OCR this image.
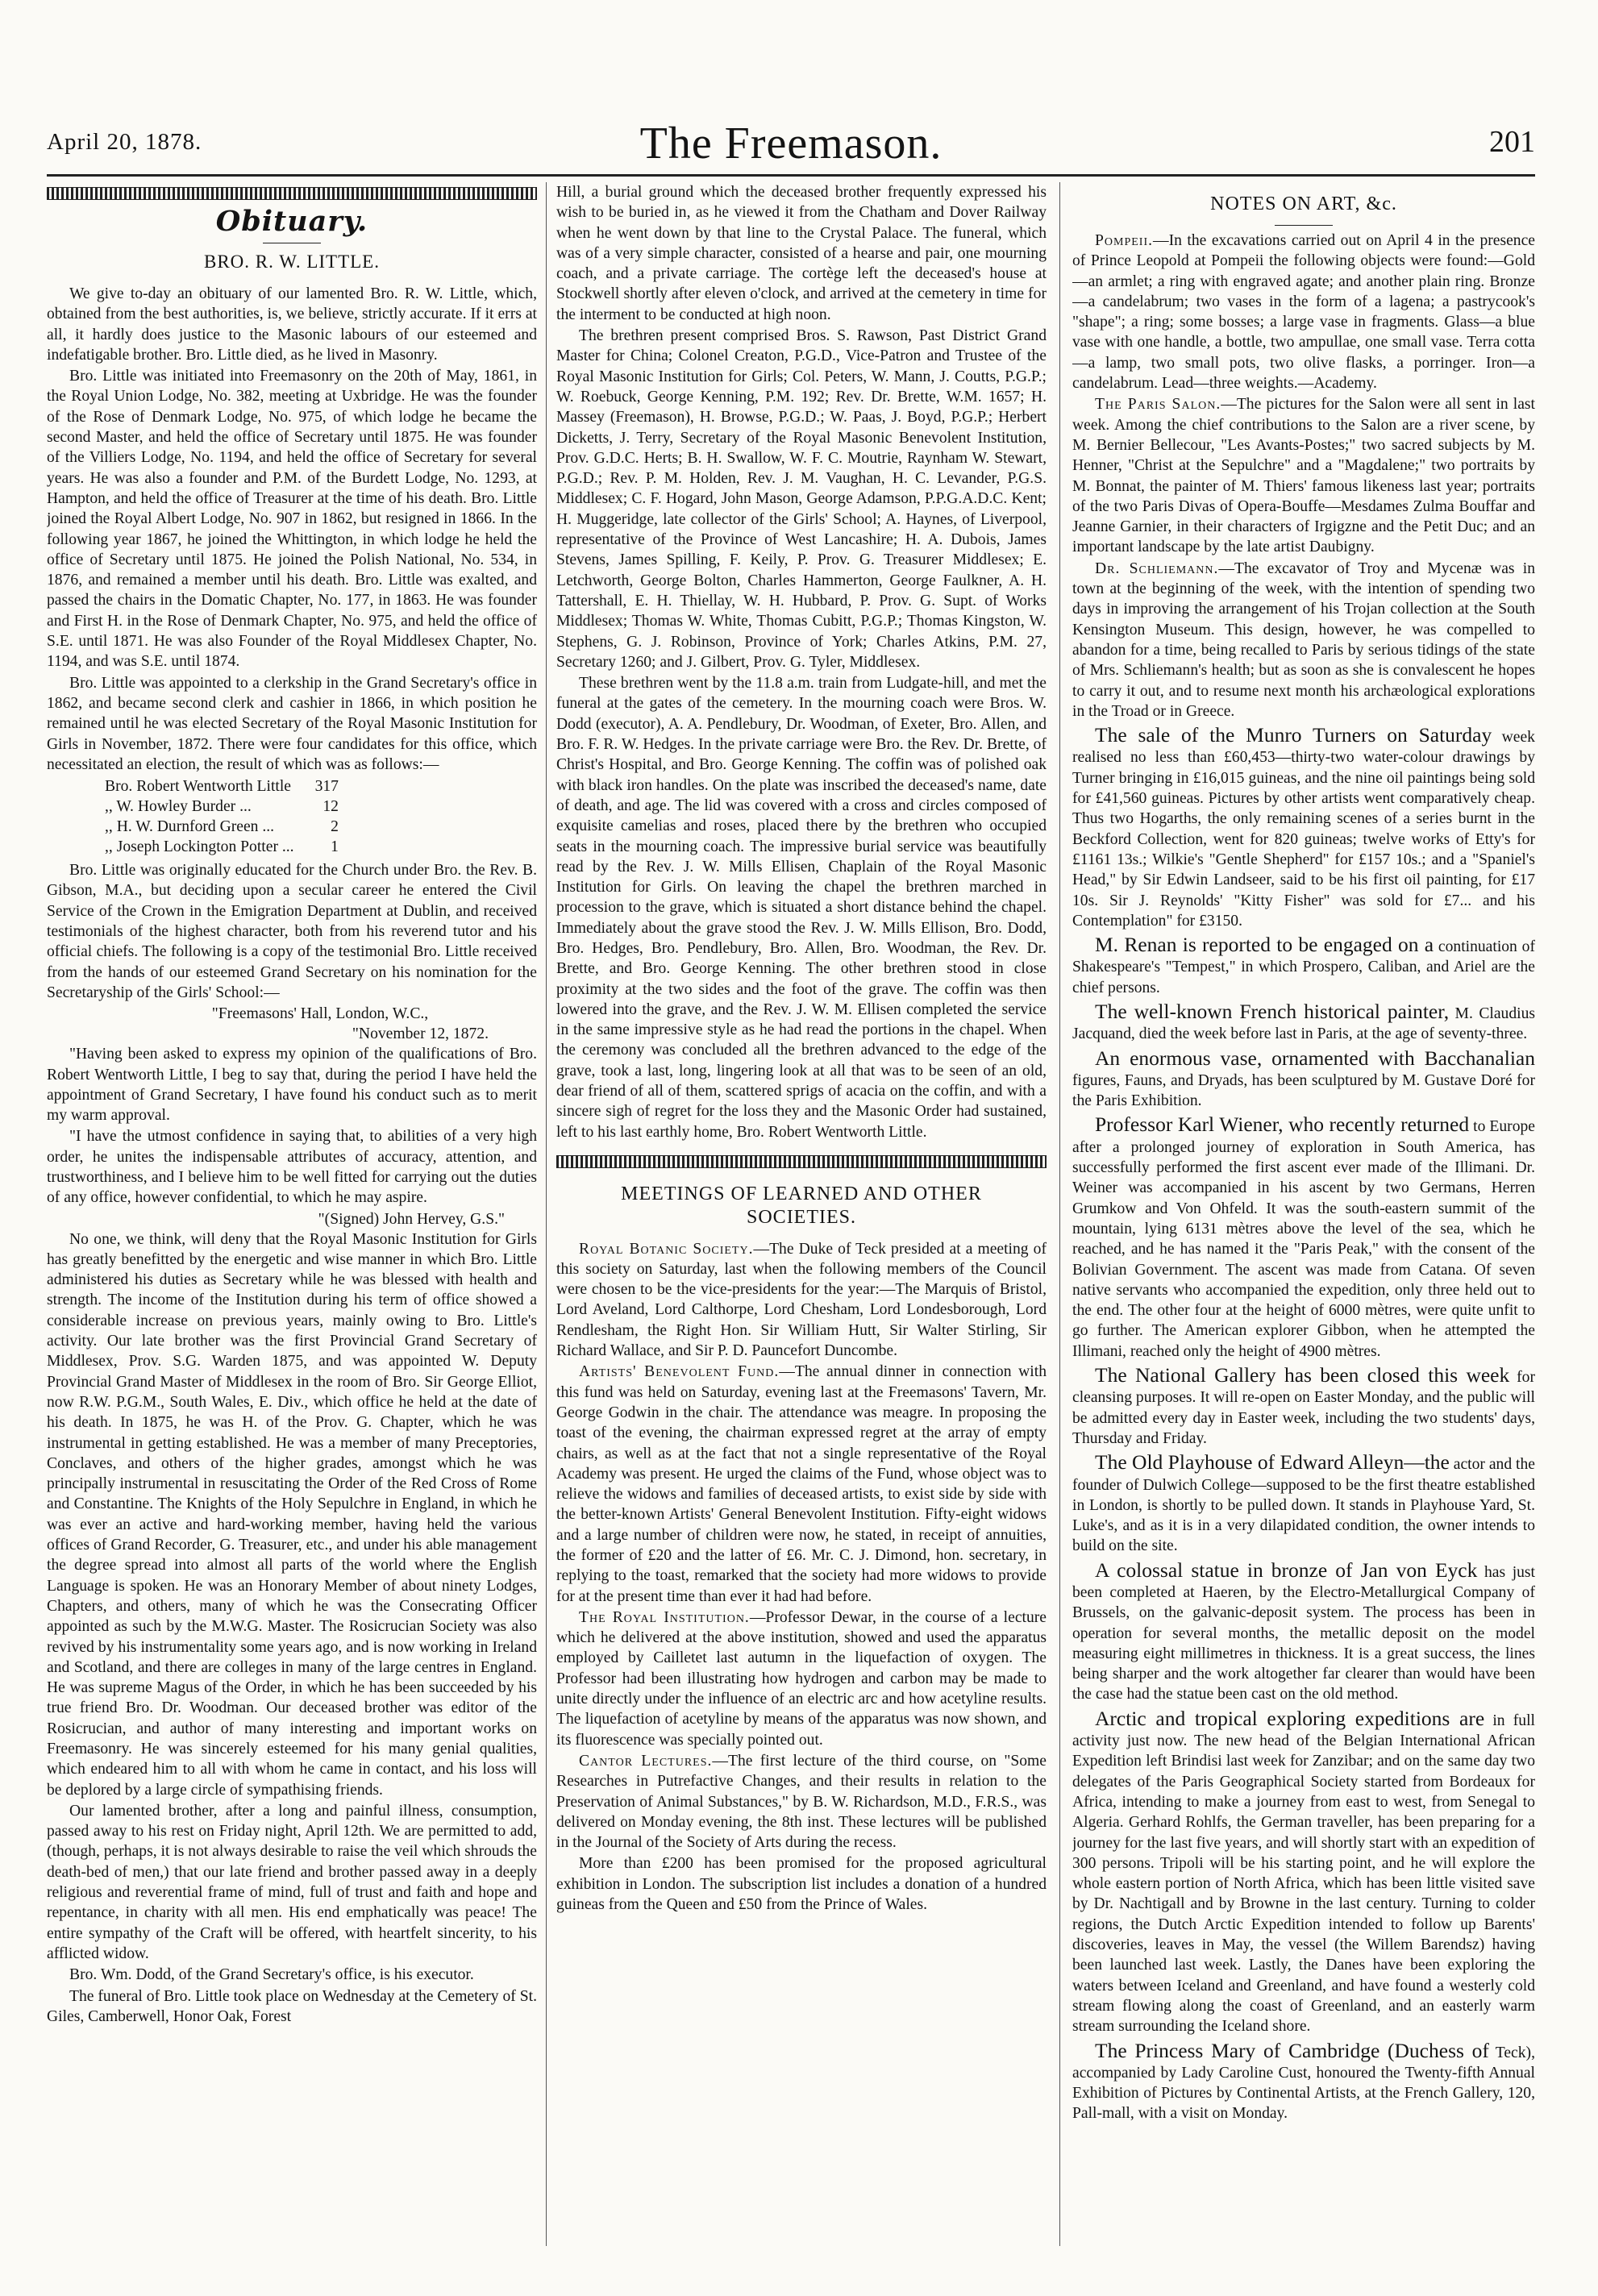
April 20, 1878.	The Freemason.	201
Obituary.
BRO. R. W. LITTLE.

We give to-day an obituary of our lamented Bro. R. W. Little, which, obtained from the best authorities, is, we believe, strictly accurate. If it errs at all, it hardly does justice to the Masonic labours of our esteemed and indefatigable brother. Bro. Little died, as he lived in Masonry.

Bro. Little was initiated into Freemasonry on the 20th of May, 1861, in the Royal Union Lodge, No. 382, meeting at Uxbridge. He was the founder of the Rose of Denmark Lodge, No. 975, of which lodge he became the second Master, and held the office of Secretary until 1875. He was founder of the Villiers Lodge, No. 1194, and held the office of Secretary for several years. He was also a founder and P.M. of the Burdett Lodge, No. 1293, at Hampton, and held the office of Treasurer at the time of his death. Bro. Little joined the Royal Albert Lodge, No. 907 in 1862, but resigned in 1866. In the following year 1867, he joined the Whittington, in which lodge he held the office of Secretary until 1875. He joined the Polish National, No. 534, in 1876, and remained a member until his death. Bro. Little was exalted, and passed the chairs in the Domatic Chapter, No. 177, in 1863. He was founder and First H. in the Rose of Denmark Chapter, No. 975, and held the office of S.E. until 1871. He was also Founder of the Royal Middlesex Chapter, No. 1194, and was S.E. until 1874.

Bro. Little was appointed to a clerkship in the Grand Secretary's office in 1862, and became second clerk and cashier in 1866, in which position he remained until he was elected Secretary of the Royal Masonic Institution for Girls in November, 1872. There were four candidates for this office, which necessitated an election, the result of which was as follows:—

Bro. Robert Wentworth Little	317
,, W. Howley Burder ...	12
,, H. W. Durnford Green ...	2
,, Joseph Lockington Potter ...	1

Bro. Little was originally educated for the Church under Bro. the Rev. B. Gibson, M.A., but deciding upon a secular career he entered the Civil Service of the Crown in the Emigration Department at Dublin, and received testimonials of the highest character, both from his reverend tutor and his official chiefs. The following is a copy of the testimonial Bro. Little received from the hands of our esteemed Grand Secretary on his nomination for the Secretaryship of the Girls' School:—

"Freemasons' Hall, London, W.C.,
"November 12, 1872.

"Having been asked to express my opinion of the qualifications of Bro. Robert Wentworth Little, I beg to say that, during the period I have held the appointment of Grand Secretary, I have found his conduct such as to merit my warm approval.

"I have the utmost confidence in saying that, to abilities of a very high order, he unites the indispensable attributes of accuracy, attention, and trustworthiness, and I believe him to be well fitted for carrying out the duties of any office, however confidential, to which he may aspire.

"(Signed) John Hervey, G.S."

No one, we think, will deny that the Royal Masonic Institution for Girls has greatly benefitted by the energetic and wise manner in which Bro. Little administered his duties as Secretary while he was blessed with health and strength. The income of the Institution during his term of office showed a considerable increase on previous years, mainly owing to Bro. Little's activity. Our late brother was the first Provincial Grand Secretary of Middlesex, Prov. S.G. Warden 1875, and was appointed W. Deputy Provincial Grand Master of Middlesex in the room of Bro. Sir George Elliot, now R.W. P.G.M., South Wales, E. Div., which office he held at the date of his death. In 1875, he was H. of the Prov. G. Chapter, which he was instrumental in getting established. He was a member of many Preceptories, Conclaves, and others of the higher grades, amongst which he was principally instrumental in resuscitating the Order of the Red Cross of Rome and Constantine. The Knights of the Holy Sepulchre in England, in which he was ever an active and hard-working member, having held the various offices of Grand Recorder, G. Treasurer, etc., and under his able management the degree spread into almost all parts of the world where the English Language is spoken. He was an Honorary Member of about ninety Lodges, Chapters, and others, many of which he was the Consecrating Officer appointed as such by the M.W.G. Master. The Rosicrucian Society was also revived by his instrumentality some years ago, and is now working in Ireland and Scotland, and there are colleges in many of the large centres in England. He was supreme Magus of the Order, in which he has been succeeded by his true friend Bro. Dr. Woodman. Our deceased brother was editor of the Rosicrucian, and author of many interesting and important works on Freemasonry. He was sincerely esteemed for his many genial qualities, which endeared him to all with whom he came in contact, and his loss will be deplored by a large circle of sympathising friends.

Our lamented brother, after a long and painful illness, consumption, passed away to his rest on Friday night, April 12th. We are permitted to add, (though, perhaps, it is not always desirable to raise the veil which shrouds the death-bed of men,) that our late friend and brother passed away in a deeply religious and reverential frame of mind, full of trust and faith and hope and repentance, in charity with all men. His end emphatically was peace! The entire sympathy of the Craft will be offered, with heartfelt sincerity, to his afflicted widow.

Bro. Wm. Dodd, of the Grand Secretary's office, is his executor.

The funeral of Bro. Little took place on Wednesday at the Cemetery of St. Giles, Camberwell, Honor Oak, Forest

Hill, a burial ground which the deceased brother frequently expressed his wish to be buried in, as he viewed it from the Chatham and Dover Railway when he went down by that line to the Crystal Palace. The funeral, which was of a very simple character, consisted of a hearse and pair, one mourning coach, and a private carriage. The cortège left the deceased's house at Stockwell shortly after eleven o'clock, and arrived at the cemetery in time for the interment to be conducted at high noon.

The brethren present comprised Bros. S. Rawson, Past District Grand Master for China; Colonel Creaton, P.G.D., Vice-Patron and Trustee of the Royal Masonic Institution for Girls; Col. Peters, W. Mann, J. Coutts, P.G.P.; W. Roebuck, George Kenning, P.M. 192; Rev. Dr. Brette, W.M. 1657; H. Massey (Freemason), H. Browse, P.G.D.; W. Paas, J. Boyd, P.G.P.; Herbert Dicketts, J. Terry, Secretary of the Royal Masonic Benevolent Institution, Prov. G.D.C. Herts; B. H. Swallow, W. F. C. Moutrie, Raynham W. Stewart, P.G.D.; Rev. P. M. Holden, Rev. J. M. Vaughan, H. C. Levander, P.G.S. Middlesex; C. F. Hogard, John Mason, George Adamson, P.P.G.A.D.C. Kent; H. Muggeridge, late collector of the Girls' School; A. Haynes, of Liverpool, representative of the Province of West Lancashire; H. A. Dubois, James Stevens, James Spilling, F. Keily, P. Prov. G. Treasurer Middlesex; E. Letchworth, George Bolton, Charles Hammerton, George Faulkner, A. H. Tattershall, E. H. Thiellay, W. H. Hubbard, P. Prov. G. Supt. of Works Middlesex; Thomas W. White, Thomas Cubitt, P.G.P.; Thomas Kingston, W. Stephens, G. J. Robinson, Province of York; Charles Atkins, P.M. 27, Secretary 1260; and J. Gilbert, Prov. G. Tyler, Middlesex.

These brethren went by the 11.8 a.m. train from Ludgate-hill, and met the funeral at the gates of the cemetery. In the mourning coach were Bros. W. Dodd (executor), A. A. Pendlebury, Dr. Woodman, of Exeter, Bro. Allen, and Bro. F. R. W. Hedges. In the private carriage were Bro. the Rev. Dr. Brette, of Christ's Hospital, and Bro. George Kenning. The coffin was of polished oak with black iron handles. On the plate was inscribed the deceased's name, date of death, and age. The lid was covered with a cross and circles composed of exquisite camelias and roses, placed there by the brethren who occupied seats in the mourning coach. The impressive burial service was beautifully read by the Rev. J. W. Mills Ellisen, Chaplain of the Royal Masonic Institution for Girls. On leaving the chapel the brethren marched in procession to the grave, which is situated a short distance behind the chapel. Immediately about the grave stood the Rev. J. W. Mills Ellison, Bro. Dodd, Bro. Hedges, Bro. Pendlebury, Bro. Allen, Bro. Woodman, the Rev. Dr. Brette, and Bro. George Kenning. The other brethren stood in close proximity at the two sides and the foot of the grave. The coffin was then lowered into the grave, and the Rev. J. W. M. Ellisen completed the service in the same impressive style as he had read the portions in the chapel. When the ceremony was concluded all the brethren advanced to the edge of the grave, took a last, long, lingering look at all that was to be seen of an old, dear friend of all of them, scattered sprigs of acacia on the coffin, and with a sincere sigh of regret for the loss they and the Masonic Order had sustained, left to his last earthly home, Bro. Robert Wentworth Little.

MEETINGS OF LEARNED AND OTHER SOCIETIES.

Royal Botanic Society.—The Duke of Teck presided at a meeting of this society on Saturday, last when the following members of the Council were chosen to be the vice-presidents for the year:—The Marquis of Bristol, Lord Aveland, Lord Calthorpe, Lord Chesham, Lord Londesborough, Lord Rendlesham, the Right Hon. Sir William Hutt, Sir Walter Stirling, Sir Richard Wallace, and Sir P. D. Pauncefort Duncombe.

Artists' Benevolent Fund.—The annual dinner in connection with this fund was held on Saturday, evening last at the Freemasons' Tavern, Mr. George Godwin in the chair. The attendance was meagre. In proposing the toast of the evening, the chairman expressed regret at the array of empty chairs, as well as at the fact that not a single representative of the Royal Academy was present. He urged the claims of the Fund, whose object was to relieve the widows and families of deceased artists, to exist side by side with the better-known Artists' General Benevolent Institution. Fifty-eight widows and a large number of children were now, he stated, in receipt of annuities, the former of £20 and the latter of £6. Mr. C. J. Dimond, hon. secretary, in replying to the toast, remarked that the society had more widows to provide for at the present time than ever it had had before.

The Royal Institution.—Professor Dewar, in the course of a lecture which he delivered at the above institution, showed and used the apparatus employed by Cailletet last autumn in the liquefaction of oxygen. The Professor had been illustrating how hydrogen and carbon may be made to unite directly under the influence of an electric arc and how acetyline results. The liquefaction of acetyline by means of the apparatus was now shown, and its fluorescence was specially pointed out.

Cantor Lectures.—The first lecture of the third course, on "Some Researches in Putrefactive Changes, and their results in relation to the Preservation of Animal Substances," by B. W. Richardson, M.D., F.R.S., was delivered on Monday evening, the 8th inst. These lectures will be published in the Journal of the Society of Arts during the recess.

More than £200 has been promised for the proposed agricultural exhibition in London. The subscription list includes a donation of a hundred guineas from the Queen and £50 from the Prince of Wales.

NOTES ON ART, &c.

Pompeii.—In the excavations carried out on April 4 in the presence of Prince Leopold at Pompeii the following objects were found:—Gold—an armlet; a ring with engraved agate; and another plain ring. Bronze—a candelabrum; two vases in the form of a lagena; a pastrycook's "shape"; a ring; some bosses; a large vase in fragments. Glass—a blue vase with one handle, a bottle, two ampullae, one small vase. Terra cotta—a lamp, two small pots, two olive flasks, a porringer. Iron—a candelabrum. Lead—three weights.—Academy.

The Paris Salon.—The pictures for the Salon were all sent in last week. Among the chief contributions to the Salon are a river scene, by M. Bernier Bellecour, "Les Avants-Postes;" two sacred subjects by M. Henner, "Christ at the Sepulchre" and a "Magdalene;" two portraits by M. Bonnat, the painter of M. Thiers' famous likeness last year; portraits of the two Paris Divas of Opera-Bouffe—Mesdames Zulma Bouffar and Jeanne Garnier, in their characters of Irgigzne and the Petit Duc; and an important landscape by the late artist Daubigny.

Dr. Schliemann.—The excavator of Troy and Mycenæ was in town at the beginning of the week, with the intention of spending two days in improving the arrangement of his Trojan collection at the South Kensington Museum. This design, however, he was compelled to abandon for a time, being recalled to Paris by serious tidings of the state of Mrs. Schliemann's health; but as soon as she is convalescent he hopes to carry it out, and to resume next month his archæological explorations in the Troad or in Greece.

The sale of the Munro Turners on Saturday week realised no less than £60,453—thirty-two water-colour drawings by Turner bringing in £16,015 guineas, and the nine oil paintings being sold for £41,560 guineas. Pictures by other artists went comparatively cheap. Thus two Hogarths, the only remaining scenes of a series burnt in the Beckford Collection, went for 820 guineas; twelve works of Etty's for £1161 13s.; Wilkie's "Gentle Shepherd" for £157 10s.; and a "Spaniel's Head," by Sir Edwin Landseer, said to be his first oil painting, for £17 10s. Sir J. Reynolds' "Kitty Fisher" was sold for £7... and his Contemplation" for £3150.

M. Renan is reported to be engaged on a continuation of Shakespeare's "Tempest," in which Prospero, Caliban, and Ariel are the chief persons.

The well-known French historical painter, M. Claudius Jacquand, died the week before last in Paris, at the age of seventy-three.

An enormous vase, ornamented with Bacchanalian figures, Fauns, and Dryads, has been sculptured by M. Gustave Doré for the Paris Exhibition.

Professor Karl Wiener, who recently returned to Europe after a prolonged journey of exploration in South America, has successfully performed the first ascent ever made of the Illimani. Dr. Weiner was accompanied in his ascent by two Germans, Herren Grumkow and Von Ohfeld. It was the south-eastern summit of the mountain, lying 6131 mètres above the level of the sea, which he reached, and he has named it the "Paris Peak," with the consent of the Bolivian Government. The ascent was made from Catana. Of seven native servants who accompanied the expedition, only three held out to the end. The other four at the height of 6000 mètres, were quite unfit to go further. The American explorer Gibbon, when he attempted the Illimani, reached only the height of 4900 mètres.

The National Gallery has been closed this week for cleansing purposes. It will re-open on Easter Monday, and the public will be admitted every day in Easter week, including the two students' days, Thursday and Friday.

The Old Playhouse of Edward Alleyn—the actor and the founder of Dulwich College—supposed to be the first theatre established in London, is shortly to be pulled down. It stands in Playhouse Yard, St. Luke's, and as it is in a very dilapidated condition, the owner intends to build on the site.

A colossal statue in bronze of Jan von Eyck has just been completed at Haeren, by the Electro-Metallurgical Company of Brussels, on the galvanic-deposit system. The process has been in operation for several months, the metallic deposit on the model measuring eight millimetres in thickness. It is a great success, the lines being sharper and the work altogether far clearer than would have been the case had the statue been cast on the old method.

Arctic and tropical exploring expeditions are in full activity just now. The new head of the Belgian International African Expedition left Brindisi last week for Zanzibar; and on the same day two delegates of the Paris Geographical Society started from Bordeaux for Africa, intending to make a journey from east to west, from Senegal to Algeria. Gerhard Rohlfs, the German traveller, has been preparing for a journey for the last five years, and will shortly start with an expedition of 300 persons. Tripoli will be his starting point, and he will explore the whole eastern portion of North Africa, which has been little visited save by Dr. Nachtigall and by Browne in the last century. Turning to colder regions, the Dutch Arctic Expedition intended to follow up Barents' discoveries, leaves in May, the vessel (the Willem Barendsz) having been launched last week. Lastly, the Danes have been exploring the waters between Iceland and Greenland, and have found a westerly cold stream flowing along the coast of Greenland, and an easterly warm stream surrounding the Iceland shore.

The Princess Mary of Cambridge (Duchess of Teck), accompanied by Lady Caroline Cust, honoured the Twenty-fifth Annual Exhibition of Pictures by Continental Artists, at the French Gallery, 120, Pall-mall, with a visit on Monday.
